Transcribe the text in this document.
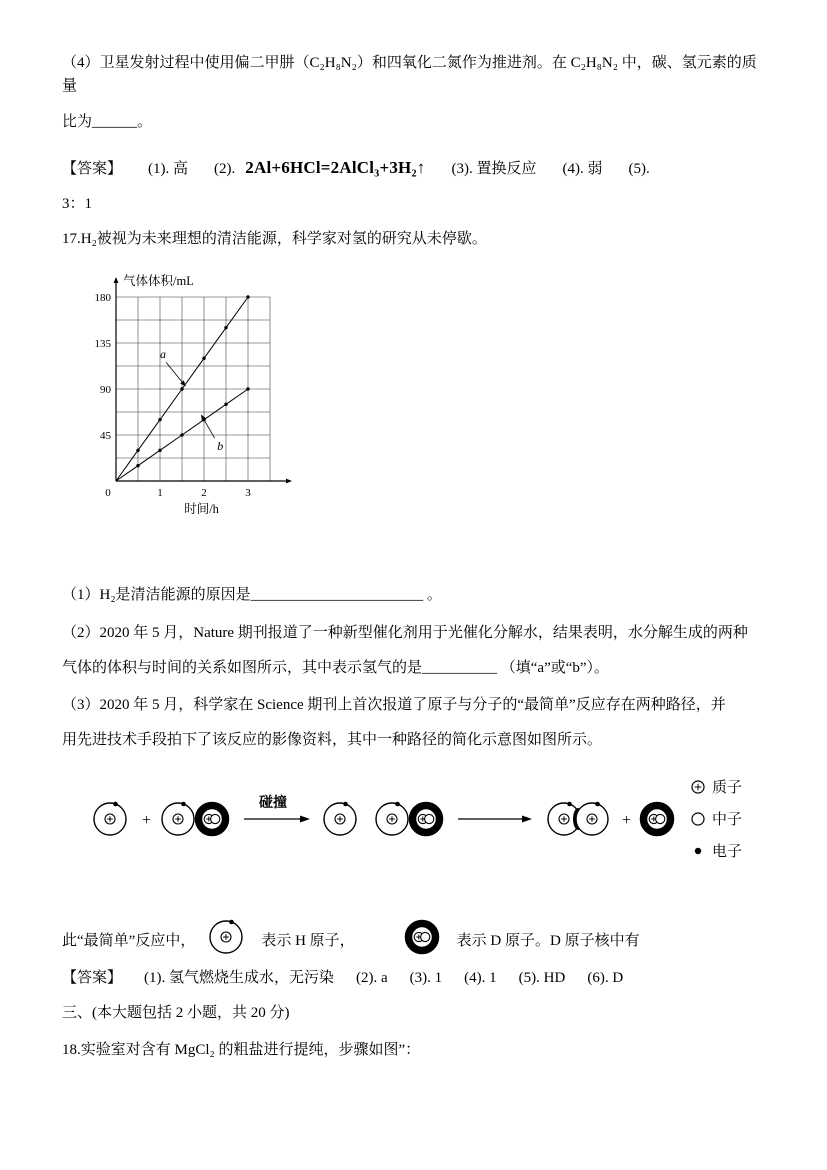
（4）卫星发射过程中使用偏二甲肼（C₂H₈N₂）和四氧化二氮作为推进剂。在 C₂H₈N₂ 中，碳、氢元素的质量

比为______。

【答案】 (1). 高 (2). 2Al+6HCl=2AlCl₃+3H₂↑ (3). 置换反应 (4). 弱 (5).

3：1

17.H₂被视为未来理想的清洁能源，科学家对氢的研究从未停歇。

45
90
135
180
0	1	2	3
气体体积/mL
时间/h
a
b

（1）H₂是清洁能源的原因是_______________________ 。

（2）2020 年 5 月，Nature 期刊报道了一种新型催化剂用于光催化分解水，结果表明，水分解生成的两种

气体的体积与时间的关系如图所示，其中表示氢气的是__________ （填“a”或“b”）。

（3）2020 年 5 月，科学家在 Science 期刊上首次报道了原子与分子的“最简单”反应存在两种路径，并

用先进技术手段拍下了该反应的影像资料，其中一种路径的简化示意图如图所示。

+
碰撞
+
质子
中子
电子
此“最简单”反应中，	表示 H 原子，	表示 D 原子。D 原子核中有
【答案】 (1). 氢气燃烧生成水，无污染 (2). a (3). 1 (4). 1 (5). HD (6). D

三、(本大题包括 2 小题，共 20 分)

18.实验室对含有 MgCl₂ 的粗盐进行提纯，步骤如图”：
